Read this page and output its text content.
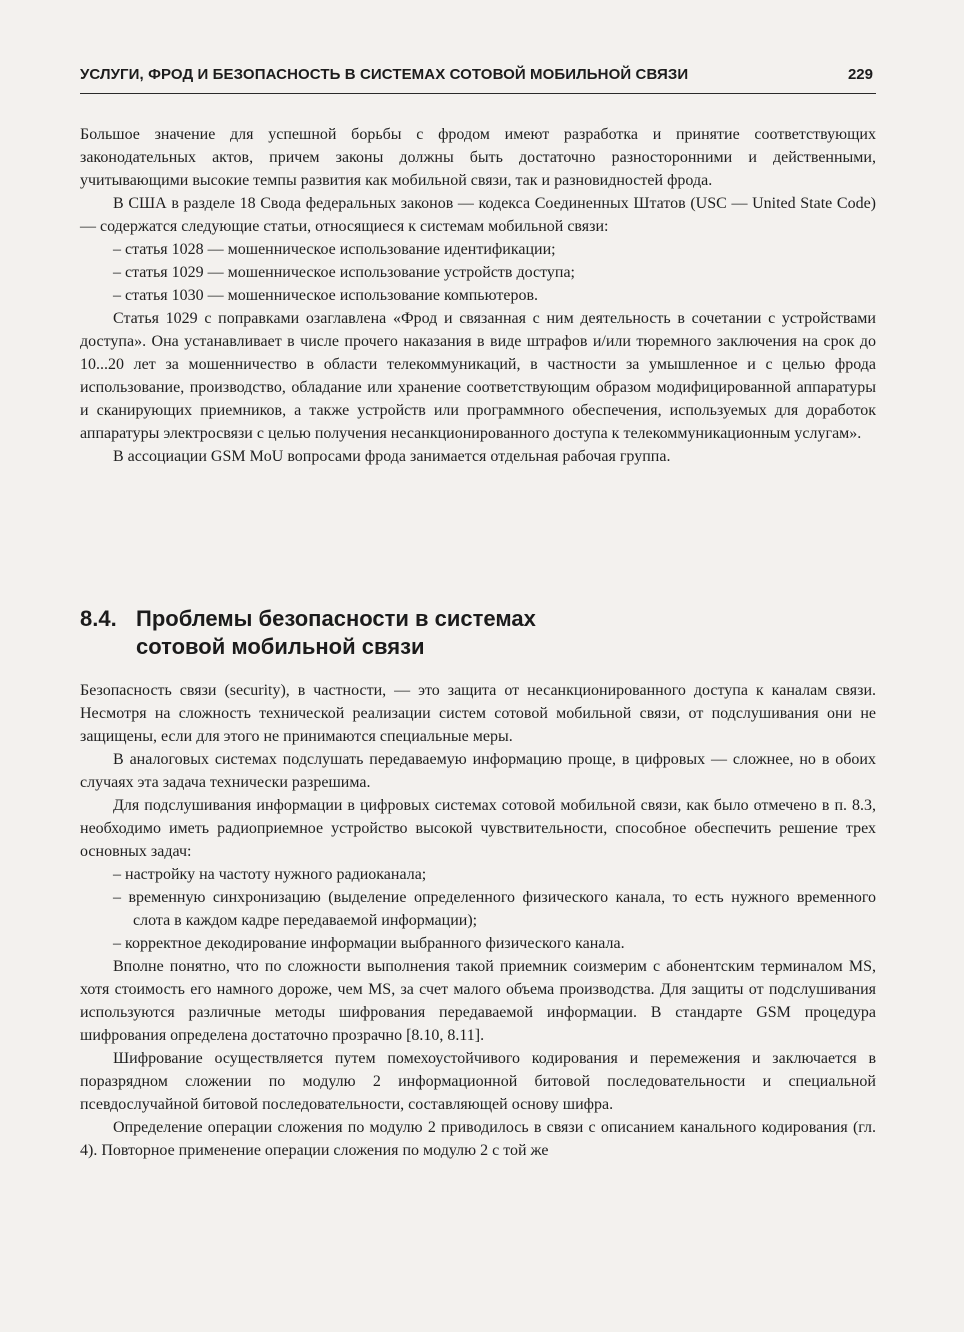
УСЛУГИ, ФРОД И БЕЗОПАСНОСТЬ В СИСТЕМАХ СОТОВОЙ МОБИЛЬНОЙ СВЯЗИ	229

Большое значение для успешной борьбы с фродом имеют разработка и принятие соответствующих законодательных актов, причем законы должны быть достаточно разносторонними и действенными, учитывающими высокие темпы развития как мобильной связи, так и разновидностей фрода.

В США в разделе 18 Свода федеральных законов — кодекса Соединенных Штатов (USC — United State Code) — содержатся следующие статьи, относящиеся к системам мобильной связи:

– статья 1028 — мошенническое использование идентификации;

– статья 1029 — мошенническое использование устройств доступа;

– статья 1030 — мошенническое использование компьютеров.

Статья 1029 с поправками озаглавлена «Фрод и связанная с ним деятельность в сочетании с устройствами доступа». Она устанавливает в числе прочего наказания в виде штрафов и/или тюремного заключения на срок до 10...20 лет за мошенничество в области телекоммуникаций, в частности за умышленное и с целью фрода использование, производство, обладание или хранение соответствующим образом модифицированной аппаратуры и сканирующих приемников, а также устройств или программного обеспечения, используемых для доработок аппаратуры электросвязи с целью получения несанкционированного доступа к телекоммуникационным услугам».

В ассоциации GSM MoU вопросами фрода занимается отдельная рабочая группа.

8.4. Проблемы безопасности в системах
сотовой мобильной связи

Безопасность связи (security), в частности, — это защита от несанкционированного доступа к каналам связи. Несмотря на сложность технической реализации систем сотовой мобильной связи, от подслушивания они не защищены, если для этого не принимаются специальные меры.

В аналоговых системах подслушать передаваемую информацию проще, в цифровых — сложнее, но в обоих случаях эта задача технически разрешима.

Для подслушивания информации в цифровых системах сотовой мобильной связи, как было отмечено в п. 8.3, необходимо иметь радиоприемное устройство высокой чувствительности, способное обеспечить решение трех основных задач:

– настройку на частоту нужного радиоканала;

– временную синхронизацию (выделение определенного физического канала, то есть нужного временного слота в каждом кадре передаваемой информации);

– корректное декодирование информации выбранного физического канала.

Вполне понятно, что по сложности выполнения такой приемник соизмерим с абонентским терминалом MS, хотя стоимость его намного дороже, чем MS, за счет малого объема производства. Для защиты от подслушивания используются различные методы шифрования передаваемой информации. В стандарте GSM процедура шифрования определена достаточно прозрачно [8.10, 8.11].

Шифрование осуществляется путем помехоустойчивого кодирования и перемежения и заключается в поразрядном сложении по модулю 2 информационной битовой последовательности и специальной псевдослучайной битовой последовательности, составляющей основу шифра.

Определение операции сложения по модулю 2 приводилось в связи с описанием канального кодирования (гл. 4). Повторное применение операции сложения по модулю 2 с той же
